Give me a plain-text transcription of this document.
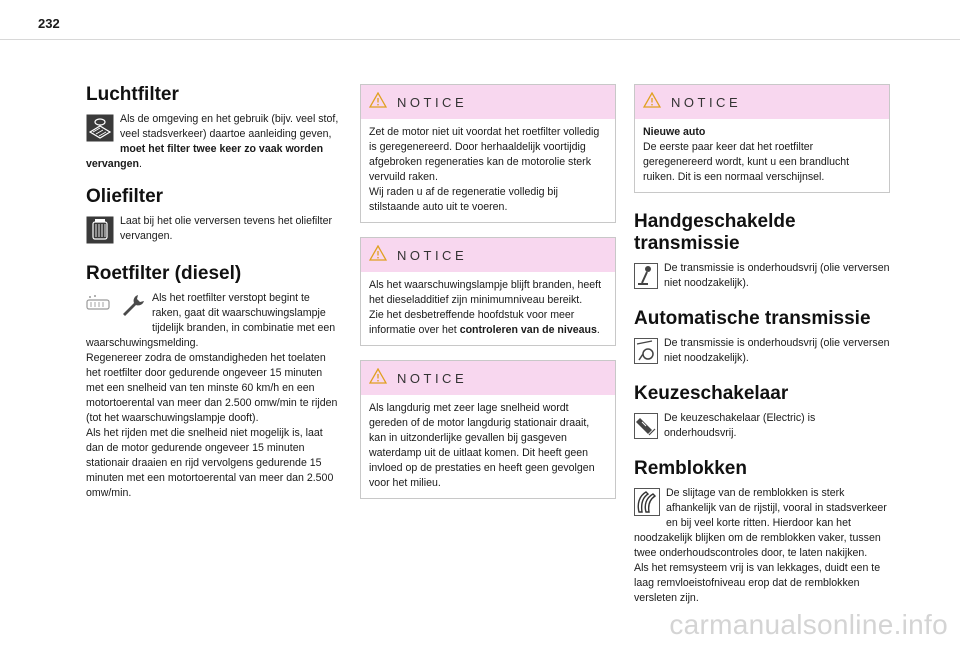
232
Luchtfilter

Als de omgeving en het gebruik (bijv. veel stof, veel stadsverkeer) daartoe aanleiding geven, moet het filter twee keer zo vaak worden vervangen.

Oliefilter

Laat bij het olie verversen tevens het oliefilter vervangen.

Roetfilter (diesel)

Als het roetfilter verstopt begint te raken, gaat dit waarschuwingslampje tijdelijk branden, in combinatie met een waarschuwingsmelding.

Regenereer zodra de omstandigheden het toelaten het roetfilter door gedurende ongeveer 15 minuten met een snelheid van ten minste 60 km/h en een motortoerental van meer dan 2.500 omw/min te rijden (tot het waarschuwingslampje dooft).

Als het rijden met die snelheid niet mogelijk is, laat dan de motor gedurende ongeveer 15 minuten stationair draaien en rijd vervolgens gedurende 15 minuten met een motortoerental van meer dan 2.500 omw/min.

NOTICE
Zet de motor niet uit voordat het roetfilter volledig is geregenereerd. Door herhaaldelijk voortijdig afgebroken regeneraties kan de motorolie sterk vervuild raken.
Wij raden u af de regeneratie volledig bij stilstaande auto uit te voeren.
NOTICE
Als het waarschuwingslampje blijft branden, heeft het dieseladditief zijn minimumniveau bereikt.
Zie het desbetreffende hoofdstuk voor meer informatie over het controleren van de niveaus.
NOTICE
Als langdurig met zeer lage snelheid wordt gereden of de motor langdurig stationair draait, kan in uitzonderlijke gevallen bij gasgeven waterdamp uit de uitlaat komen. Dit heeft geen invloed op de prestaties en heeft geen gevolgen voor het milieu.
NOTICE
Nieuwe auto
De eerste paar keer dat het roetfilter geregenereerd wordt, kunt u een brandlucht ruiken. Dit is een normaal verschijnsel.
Handgeschakelde transmissie

De transmissie is onderhoudsvrij (olie verversen niet noodzakelijk).

Automatische transmissie

De transmissie is onderhoudsvrij (olie verversen niet noodzakelijk).

Keuzeschakelaar

De keuzeschakelaar (Electric) is onderhoudsvrij.

Remblokken

De slijtage van de remblokken is sterk afhankelijk van de rijstijl, vooral in stadsverkeer en bij veel korte ritten. Hierdoor kan het noodzakelijk blijken om de remblokken vaker, tussen twee onderhoudscontroles door, te laten nakijken.

Als het remsysteem vrij is van lekkages, duidt een te laag remvloeistofniveau erop dat de remblokken versleten zijn.

carmanualsonline.info
